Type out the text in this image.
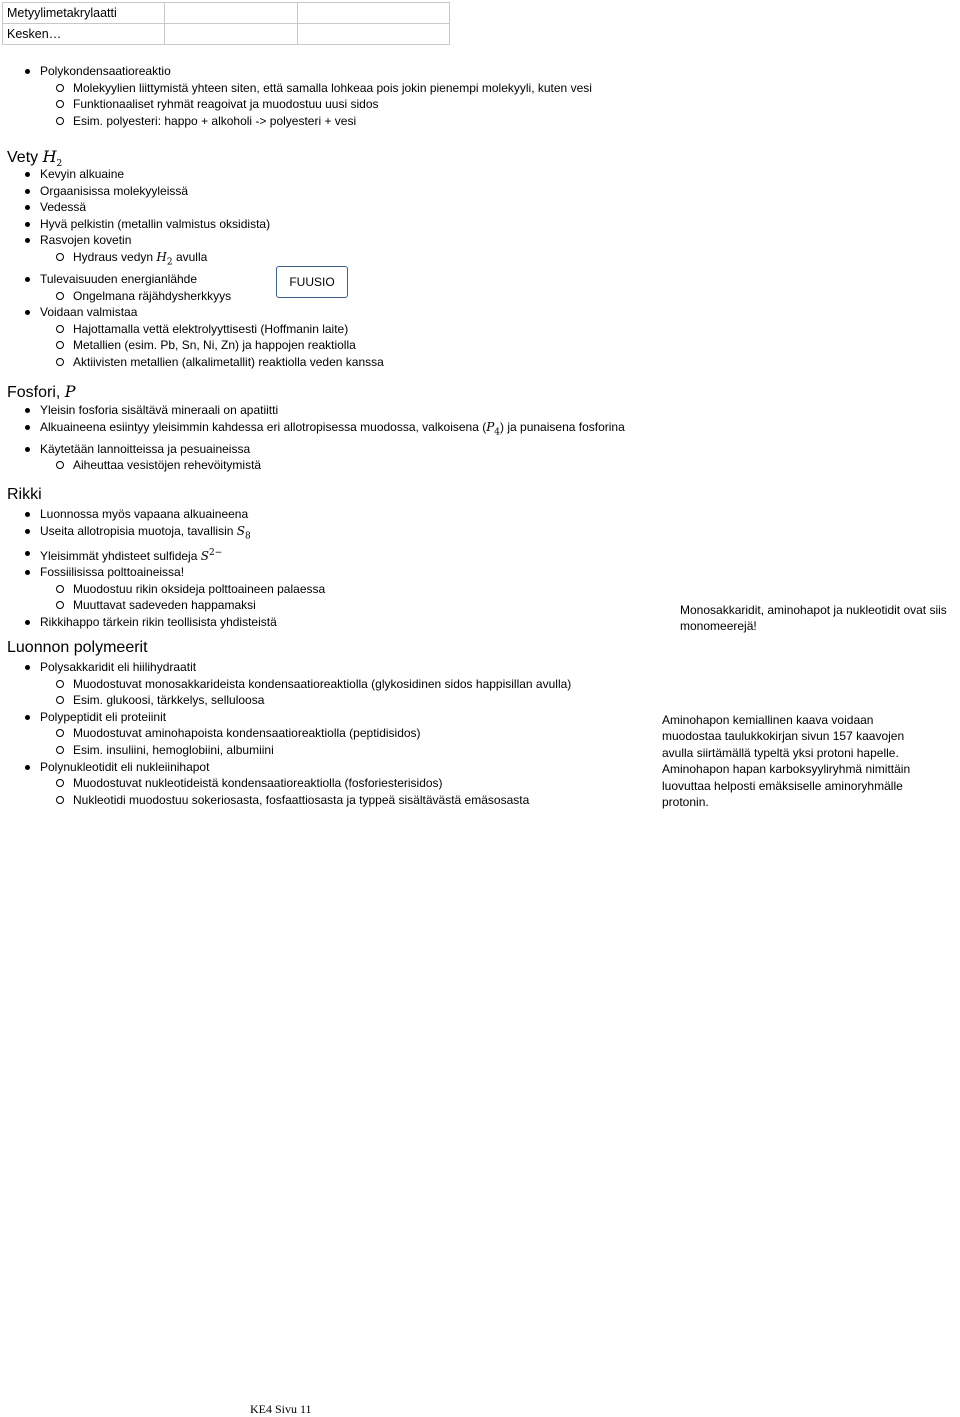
Metyylimetakrylaatti		
Kesken…		
Polykondensaatioreaktio
Molekyylien liittymistä yhteen siten, että samalla lohkeaa pois jokin pienempi molekyyli, kuten vesi
Funktionaaliset ryhmät reagoivat ja muodostuu uusi sidos
Esim. polyesteri: happo + alkoholi -> polyesteri + vesi
Vety $H_2$
Kevyin alkuaine
Orgaanisissa molekyyleissä
Vedessä
Hyvä pelkistin (metallin valmistus oksidista)
Rasvojen kovetin
Hydraus vedyn $H_2$ avulla
Tulevaisuuden energianlähde
Ongelmana räjähdysherkkyys
Voidaan valmistaa
Hajottamalla vettä elektrolyyttisesti (Hoffmanin laite)
Metallien (esim. Pb, Sn, Ni, Zn) ja happojen reaktiolla
Aktiivisten metallien (alkalimetallit) reaktiolla veden kanssa
FUUSIO
Fosfori, P
Yleisin fosforia sisältävä mineraali on apatiitti
Alkuaineena esiintyy yleisimmin kahdessa eri allotropisessa muodossa, valkoisena $(P_4)$ ja punaisena fosforina
Käytetään lannoitteissa ja pesuaineissa
Aiheuttaa vesistöjen rehevöitymistä
Rikki
Luonnossa myös vapaana alkuaineena
Useita allotropisia muotoja, tavallisin $S_8$
Yleisimmät yhdisteet sulfideja $S^{2-}$
Fossiilisissa polttoaineissa!
Muodostuu rikin oksideja polttoaineen palaessa
Muuttavat sadeveden happamaksi
Rikkihappo tärkein rikin teollisista yhdisteistä
Luonnon polymeerit
Polysakkaridit eli hiilihydraatit
Muodostuvat monosakkarideista kondensaatioreaktiolla (glykosidinen sidos happisillan avulla)
Esim. glukoosi, tärkkelys, selluloosa
Polypeptidit eli proteiinit
Muodostuvat aminohapoista kondensaatioreaktiolla (peptidisidos)
Esim. insuliini, hemoglobiini, albumiini
Polynukleotidit eli nukleiinihapot
Muodostuvat nukleotideistä kondensaatioreaktiolla (fosforiesterisidos)
Nukleotidi muodostuu sokeriosasta, fosfaattiosasta ja typpeä sisältävästä emäsosasta
Monosakkaridit, aminohapot ja nukleotidit ovat siis
monomeerejä!
Aminohapon kemiallinen kaava voidaan
muodostaa taulukkokirjan sivun 157 kaavojen
avulla siirtämällä typeltä yksi protoni hapelle.
Aminohapon hapan karboksyyliryhmä nimittäin
luovuttaa helposti emäksiselle aminoryhmälle
protonin.
KE4 Sivu 11
